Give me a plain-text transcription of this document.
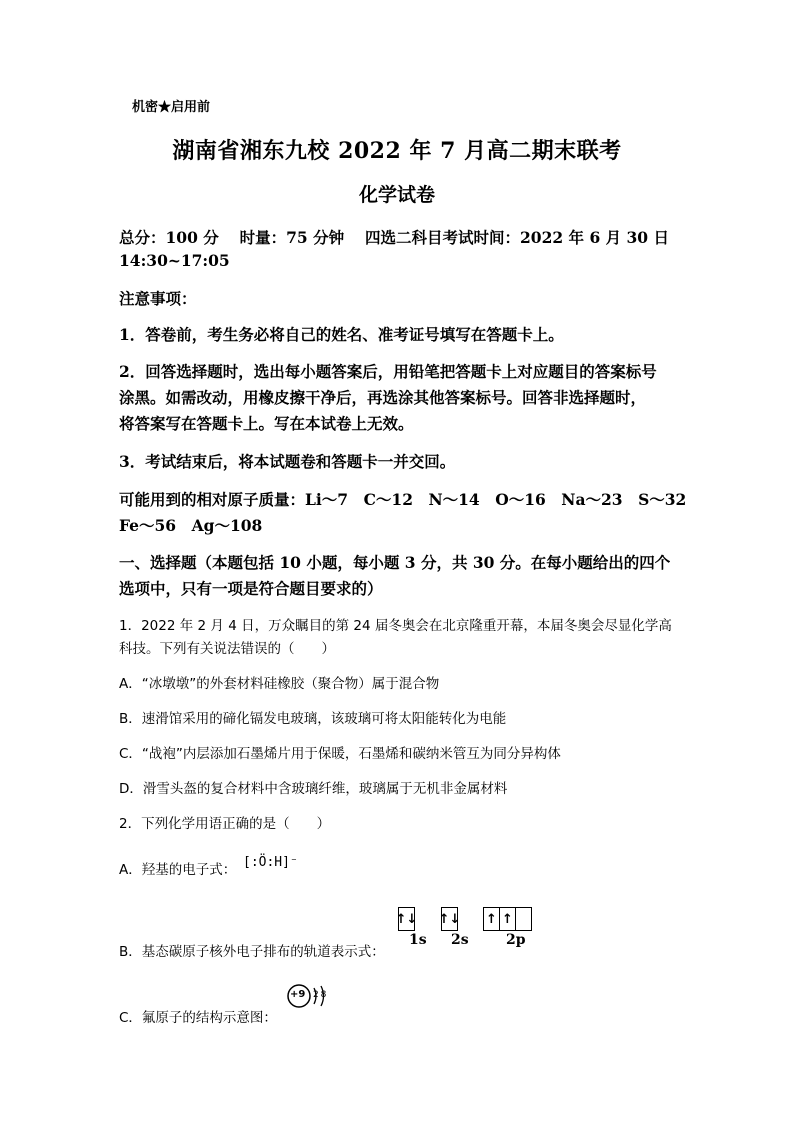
机密★启用前
湖南省湘东九校 2022 年 7 月高二期末联考
化学试卷
总分：100 分　 时量：75 分钟　 四选二科目考试时间：2022 年 6 月 30 日
14:30~17:05
注意事项：
1．答卷前，考生务必将自己的姓名、准考证号填写在答题卡上。
2．回答选择题时，选出每小题答案后，用铅笔把答题卡上对应题目的答案标号
涂黑。如需改动，用橡皮擦干净后，再选涂其他答案标号。回答非选择题时，
将答案写在答题卡上。写在本试卷上无效。
3．考试结束后，将本试题卷和答题卡一并交回。
可能用到的相对原子质量：Li～7　C～12　N～14　O～16　Na～23　S～32
Fe～56　Ag～108
一、选择题（本题包括 10 小题，每小题 3 分，共 30 分。在每小题给出的四个
选项中，只有一项是符合题目要求的）
1．2022 年 2 月 4 日，万众瞩目的第 24 届冬奥会在北京隆重开幕，本届冬奥会尽显化学高
科技。下列有关说法错误的（　　）
A．“冰墩墩”的外套材料硅橡胶（聚合物）属于混合物
B．速滑馆采用的碲化镉发电玻璃，该玻璃可将太阳能转化为电能
C．“战袍”内层添加石墨烯片用于保暖，石墨烯和碳纳米管互为同分异构体
D．滑雪头盔的复合材料中含玻璃纤维，玻璃属于无机非金属材料
2．下列化学用语正确的是（　　）
A．羟基的电子式： [:Ö:H]⁻
B．基态碳原子核外电子排布的轨道表示式：
↑↓ ↑↓ ↑ ↑
1s 2s	2p
C．氟原子的结构示意图：
+9 2 8
